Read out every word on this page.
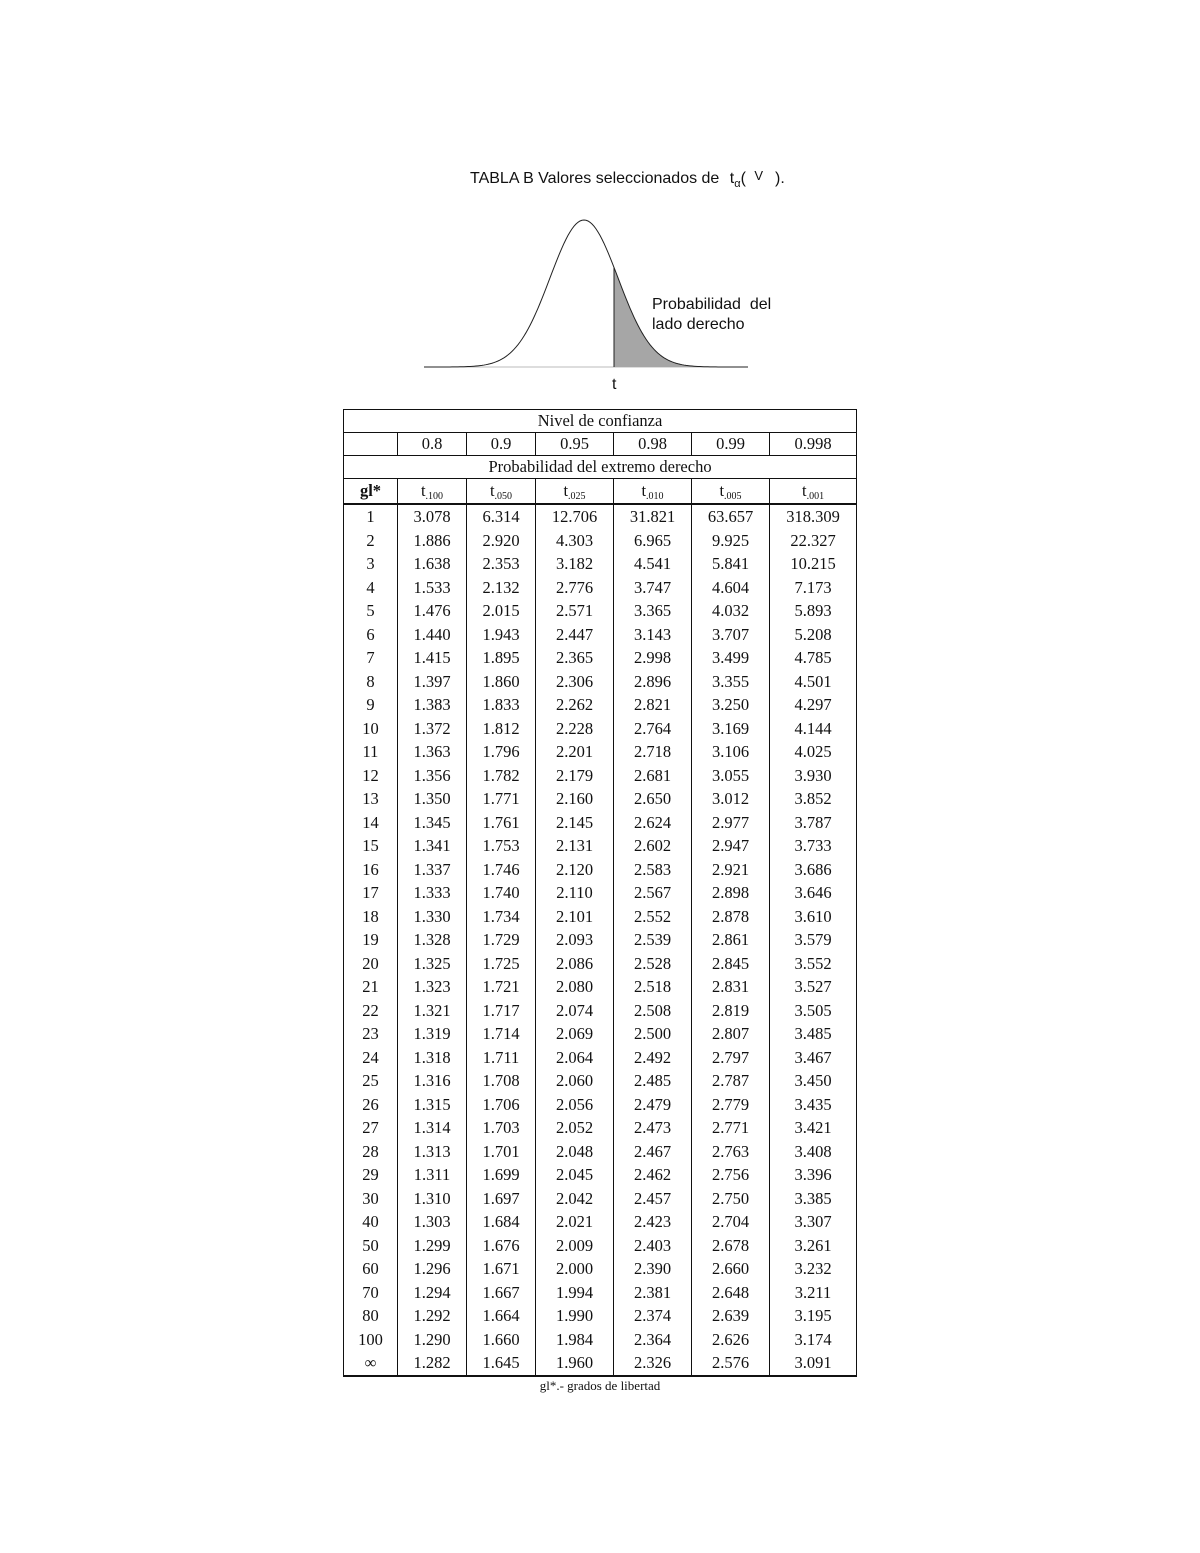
TABLA B Valores seleccionados de $t_\alpha$( V ).
Probabilidad  del
lado derecho
t
Nivel de confianza						
	0.8	0.9	0.95	0.98	0.99	0.998
Probabilidad del extremo derecho						
gl*	t.100	t.050	t.025	t.010	t.005	t.001
1	3.078	6.314	12.706	31.821	63.657	318.309
2	1.886	2.920	4.303	6.965	9.925	22.327
3	1.638	2.353	3.182	4.541	5.841	10.215
4	1.533	2.132	2.776	3.747	4.604	7.173
5	1.476	2.015	2.571	3.365	4.032	5.893
6	1.440	1.943	2.447	3.143	3.707	5.208
7	1.415	1.895	2.365	2.998	3.499	4.785
8	1.397	1.860	2.306	2.896	3.355	4.501
9	1.383	1.833	2.262	2.821	3.250	4.297
10	1.372	1.812	2.228	2.764	3.169	4.144
11	1.363	1.796	2.201	2.718	3.106	4.025
12	1.356	1.782	2.179	2.681	3.055	3.930
13	1.350	1.771	2.160	2.650	3.012	3.852
14	1.345	1.761	2.145	2.624	2.977	3.787
15	1.341	1.753	2.131	2.602	2.947	3.733
16	1.337	1.746	2.120	2.583	2.921	3.686
17	1.333	1.740	2.110	2.567	2.898	3.646
18	1.330	1.734	2.101	2.552	2.878	3.610
19	1.328	1.729	2.093	2.539	2.861	3.579
20	1.325	1.725	2.086	2.528	2.845	3.552
21	1.323	1.721	2.080	2.518	2.831	3.527
22	1.321	1.717	2.074	2.508	2.819	3.505
23	1.319	1.714	2.069	2.500	2.807	3.485
24	1.318	1.711	2.064	2.492	2.797	3.467
25	1.316	1.708	2.060	2.485	2.787	3.450
26	1.315	1.706	2.056	2.479	2.779	3.435
27	1.314	1.703	2.052	2.473	2.771	3.421
28	1.313	1.701	2.048	2.467	2.763	3.408
29	1.311	1.699	2.045	2.462	2.756	3.396
30	1.310	1.697	2.042	2.457	2.750	3.385
40	1.303	1.684	2.021	2.423	2.704	3.307
50	1.299	1.676	2.009	2.403	2.678	3.261
60	1.296	1.671	2.000	2.390	2.660	3.232
70	1.294	1.667	1.994	2.381	2.648	3.211
80	1.292	1.664	1.990	2.374	2.639	3.195
100	1.290	1.660	1.984	2.364	2.626	3.174
∞	1.282	1.645	1.960	2.326	2.576	3.091
gl*.- grados de libertad
